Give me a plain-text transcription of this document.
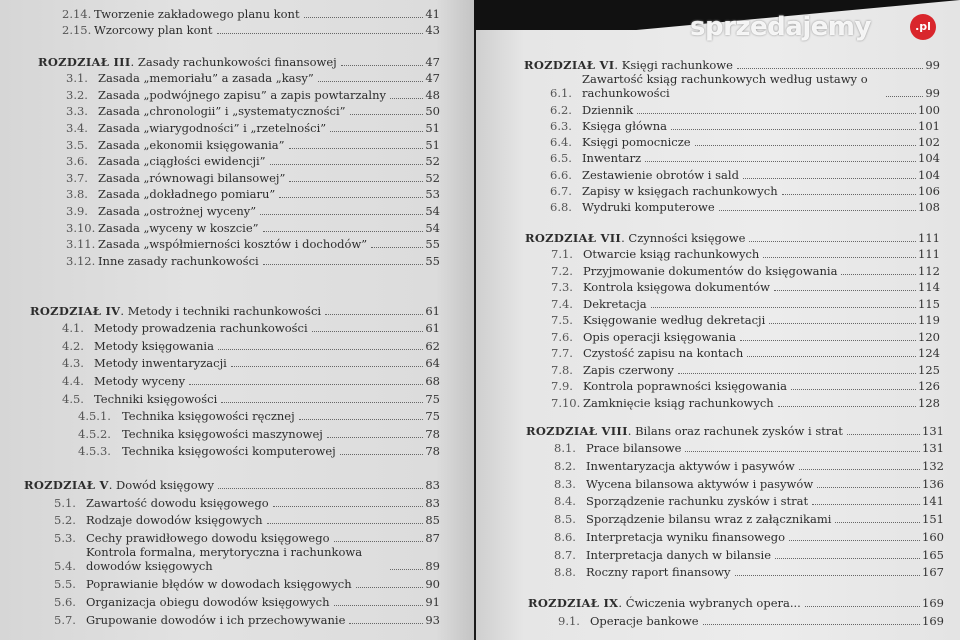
2.14. Tworzenie zakładowego planu kont	41
2.15. Wzorcowy plan kont	43
ROZDZIAŁ III. Zasady rachunkowości finansowej	47
3.1. Zasada „memoriału” a zasada „kasy”	47
3.2. Zasada „podwójnego zapisu” a zapis powtarzalny	48
3.3. Zasada „chronologii” i „systematyczności”	50
3.4. Zasada „wiarygodności” i „rzetelności”	51
3.5. Zasada „ekonomii księgowania”	51
3.6. Zasada „ciągłości ewidencji”	52
3.7. Zasada „równowagi bilansowej”	52
3.8. Zasada „dokładnego pomiaru”	53
3.9. Zasada „ostrożnej wyceny”	54
3.10. Zasada „wyceny w koszcie”	54
3.11. Zasada „współmierności kosztów i dochodów”	55
3.12. Inne zasady rachunkowości	55
ROZDZIAŁ IV. Metody i techniki rachunkowości	61
4.1. Metody prowadzenia rachunkowości	61
4.2. Metody księgowania	62
4.3. Metody inwentaryzacji	64
4.4. Metody wyceny	68
4.5. Techniki księgowości	75
4.5.1. Technika księgowości ręcznej	75
4.5.2. Technika księgowości maszynowej	78
4.5.3. Technika księgowości komputerowej	78
ROZDZIAŁ V. Dowód księgowy	83
5.1. Zawartość dowodu księgowego	83
5.2. Rodzaje dowodów księgowych	85
5.3. Cechy prawidłowego dowodu księgowego	87
5.4.
Kontrola formalna, merytoryczna i rachunkowa dowodów księgowych	89
5.5. Poprawianie błędów w dowodach księgowych	90
5.6. Organizacja obiegu dowodów księgowych	91
5.7. Grupowanie dowodów i ich przechowywanie	93
ROZDZIAŁ VI. Księgi rachunkowe	99
6.1.
Zawartość ksiąg rachunkowych według ustawy o rachunkowości	99
6.2. Dziennik	100
6.3. Księga główna	101
6.4. Księgi pomocnicze	102
6.5. Inwentarz	104
6.6. Zestawienie obrotów i sald	104
6.7. Zapisy w księgach rachunkowych	106
6.8. Wydruki komputerowe	108
ROZDZIAŁ VII. Czynności księgowe	111
7.1. Otwarcie ksiąg rachunkowych	111
7.2. Przyjmowanie dokumentów do księgowania	112
7.3. Kontrola księgowa dokumentów	114
7.4. Dekretacja	115
7.5. Księgowanie według dekretacji	119
7.6. Opis operacji księgowania	120
7.7. Czystość zapisu na kontach	124
7.8. Zapis czerwony	125
7.9. Kontrola poprawności księgowania	126
7.10. Zamknięcie ksiąg rachunkowych	128
ROZDZIAŁ VIII. Bilans oraz rachunek zysków i strat	131
8.1. Prace bilansowe	131
8.2. Inwentaryzacja aktywów i pasywów	132
8.3. Wycena bilansowa aktywów i pasywów	136
8.4. Sporządzenie rachunku zysków i strat	141
8.5. Sporządzenie bilansu wraz z załącznikami	151
8.6. Interpretacja wyniku finansowego	160
8.7. Interpretacja danych w bilansie	165
8.8. Roczny raport finansowy	167
ROZDZIAŁ IX. Ćwiczenia wybranych opera...	169
9.1. Operacje bankowe	169
sprzedajemy	.pl
